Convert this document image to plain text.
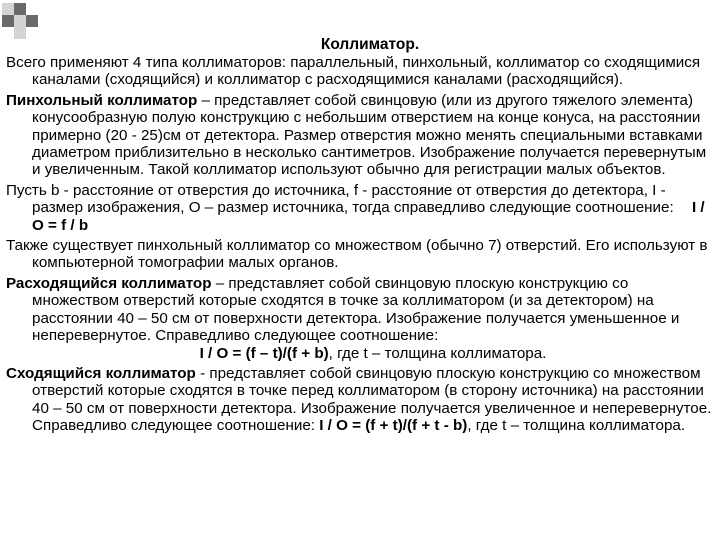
Коллиматор.

Всего применяют 4 типа коллиматоров: параллельный, пинхольный, коллиматор со сходящимися каналами (сходящийся) и коллиматор с расходящимися каналами (расходящийся).

Пинхольный коллиматор – представляет собой свинцовую (или из другого тяжелого элемента) конусообразную полую конструкцию с небольшим отверстием на конце конуса, на расстоянии примерно (20 - 25)см от детектора. Размер отверстия можно менять специальными вставками диаметром приблизительно в несколько сантиметров. Изображение получается перевернутым и увеличенным. Такой коллиматор используют обычно для регистрации малых объектов.

Пусть b - расстояние от отверстия до источника, f - расстояние от отверстия до детектора, I - размер изображения, O – размер источника, тогда справедливо следующие соотношение: I / O = f / b

Также существует пинхольный коллиматор со множеством (обычно 7) отверстий. Его используют в компьютерной томографии малых органов.

Расходящийся коллиматор – представляет собой свинцовую плоскую конструкцию со множеством отверстий которые сходятся в точке за коллиматором (и за детектором) на расстоянии 40 – 50 см от поверхности детектора. Изображение получается уменьшенное и неперевернутое. Справедливо следующее соотношение:
I / O = (f – t)/(f + b), где t – толщина коллиматора.

Сходящийся коллиматор - представляет собой свинцовую плоскую конструкцию со множеством отверстий которые сходятся в точке перед коллиматором (в сторону источника) на расстоянии 40 – 50 см от поверхности детектора. Изображение получается увеличенное и неперевернутое. Справедливо следующее соотношение: I / O = (f + t)/(f + t - b), где t – толщина коллиматора.
